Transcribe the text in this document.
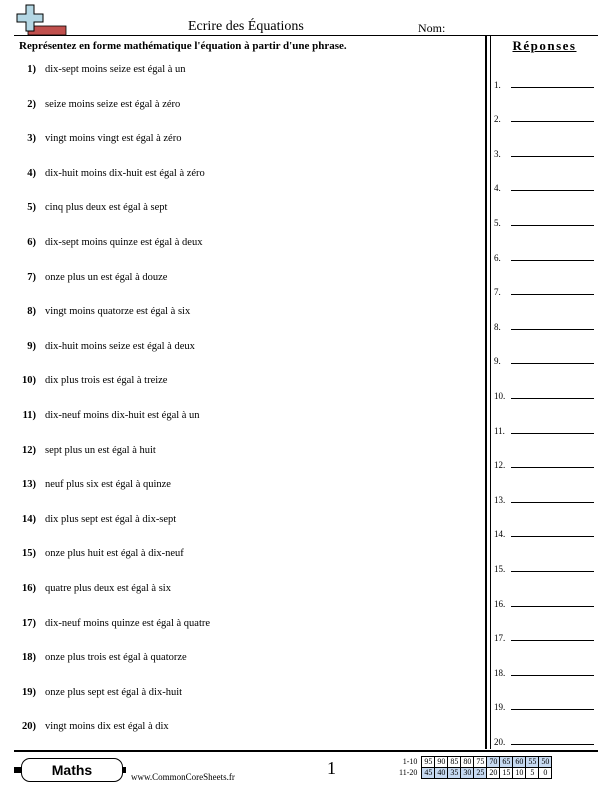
Ecrire des Équations	Nom:
Représentez en forme mathématique l'équation à partir d'une phrase.
1) dix-sept moins seize est égal à un
2) seize moins seize est égal à zéro
3) vingt moins vingt est égal à zéro
4) dix-huit moins dix-huit est égal à zéro
5) cinq plus deux est égal à sept
6) dix-sept moins quinze est égal à deux
7) onze plus un est égal à douze
8) vingt moins quatorze est égal à six
9) dix-huit moins seize est égal à deux
10) dix plus trois est égal à treize
11) dix-neuf moins dix-huit est égal à un
12) sept plus un est égal à huit
13) neuf plus six est égal à quinze
14) dix plus sept est égal à dix-sept
15) onze plus huit est égal à dix-neuf
16) quatre plus deux est égal à six
17) dix-neuf moins quinze est égal à quatre
18) onze plus trois est égal à quatorze
19) onze plus sept est égal à dix-huit
20) vingt moins dix est égal à dix
Réponses
1.
2.
3.
4.
5.
6.
7.
8.
9.
10.
11.
12.
13.
14.
15.
16.
17.
18.
19.
20.
Maths	www.CommonCoreSheets.fr	1	1-10	95	90	85	80	75	70	65	60	55	50
11-20	45	40	35	30	25	20	15	10	5	0
